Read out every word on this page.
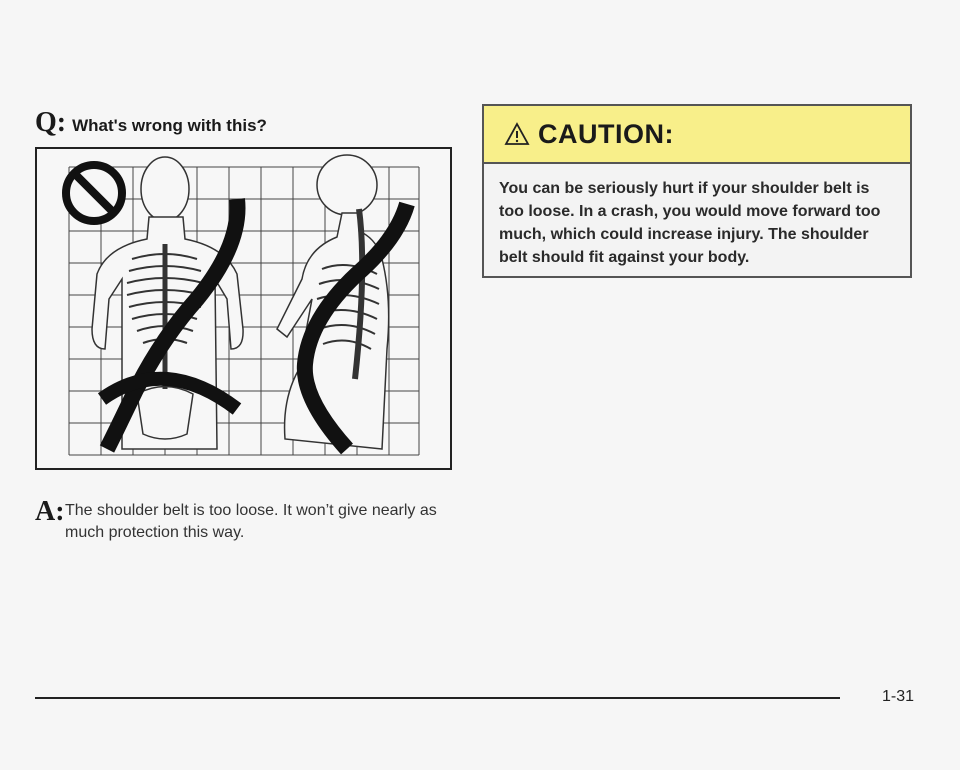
Q: What's wrong with this?
A: The shoulder belt is too loose. It won’t give nearly as much protection this way.
CAUTION:
You can be seriously hurt if your shoulder belt is too loose. In a crash, you would move forward too much, which could increase injury. The shoulder belt should fit against your body.
1-31
